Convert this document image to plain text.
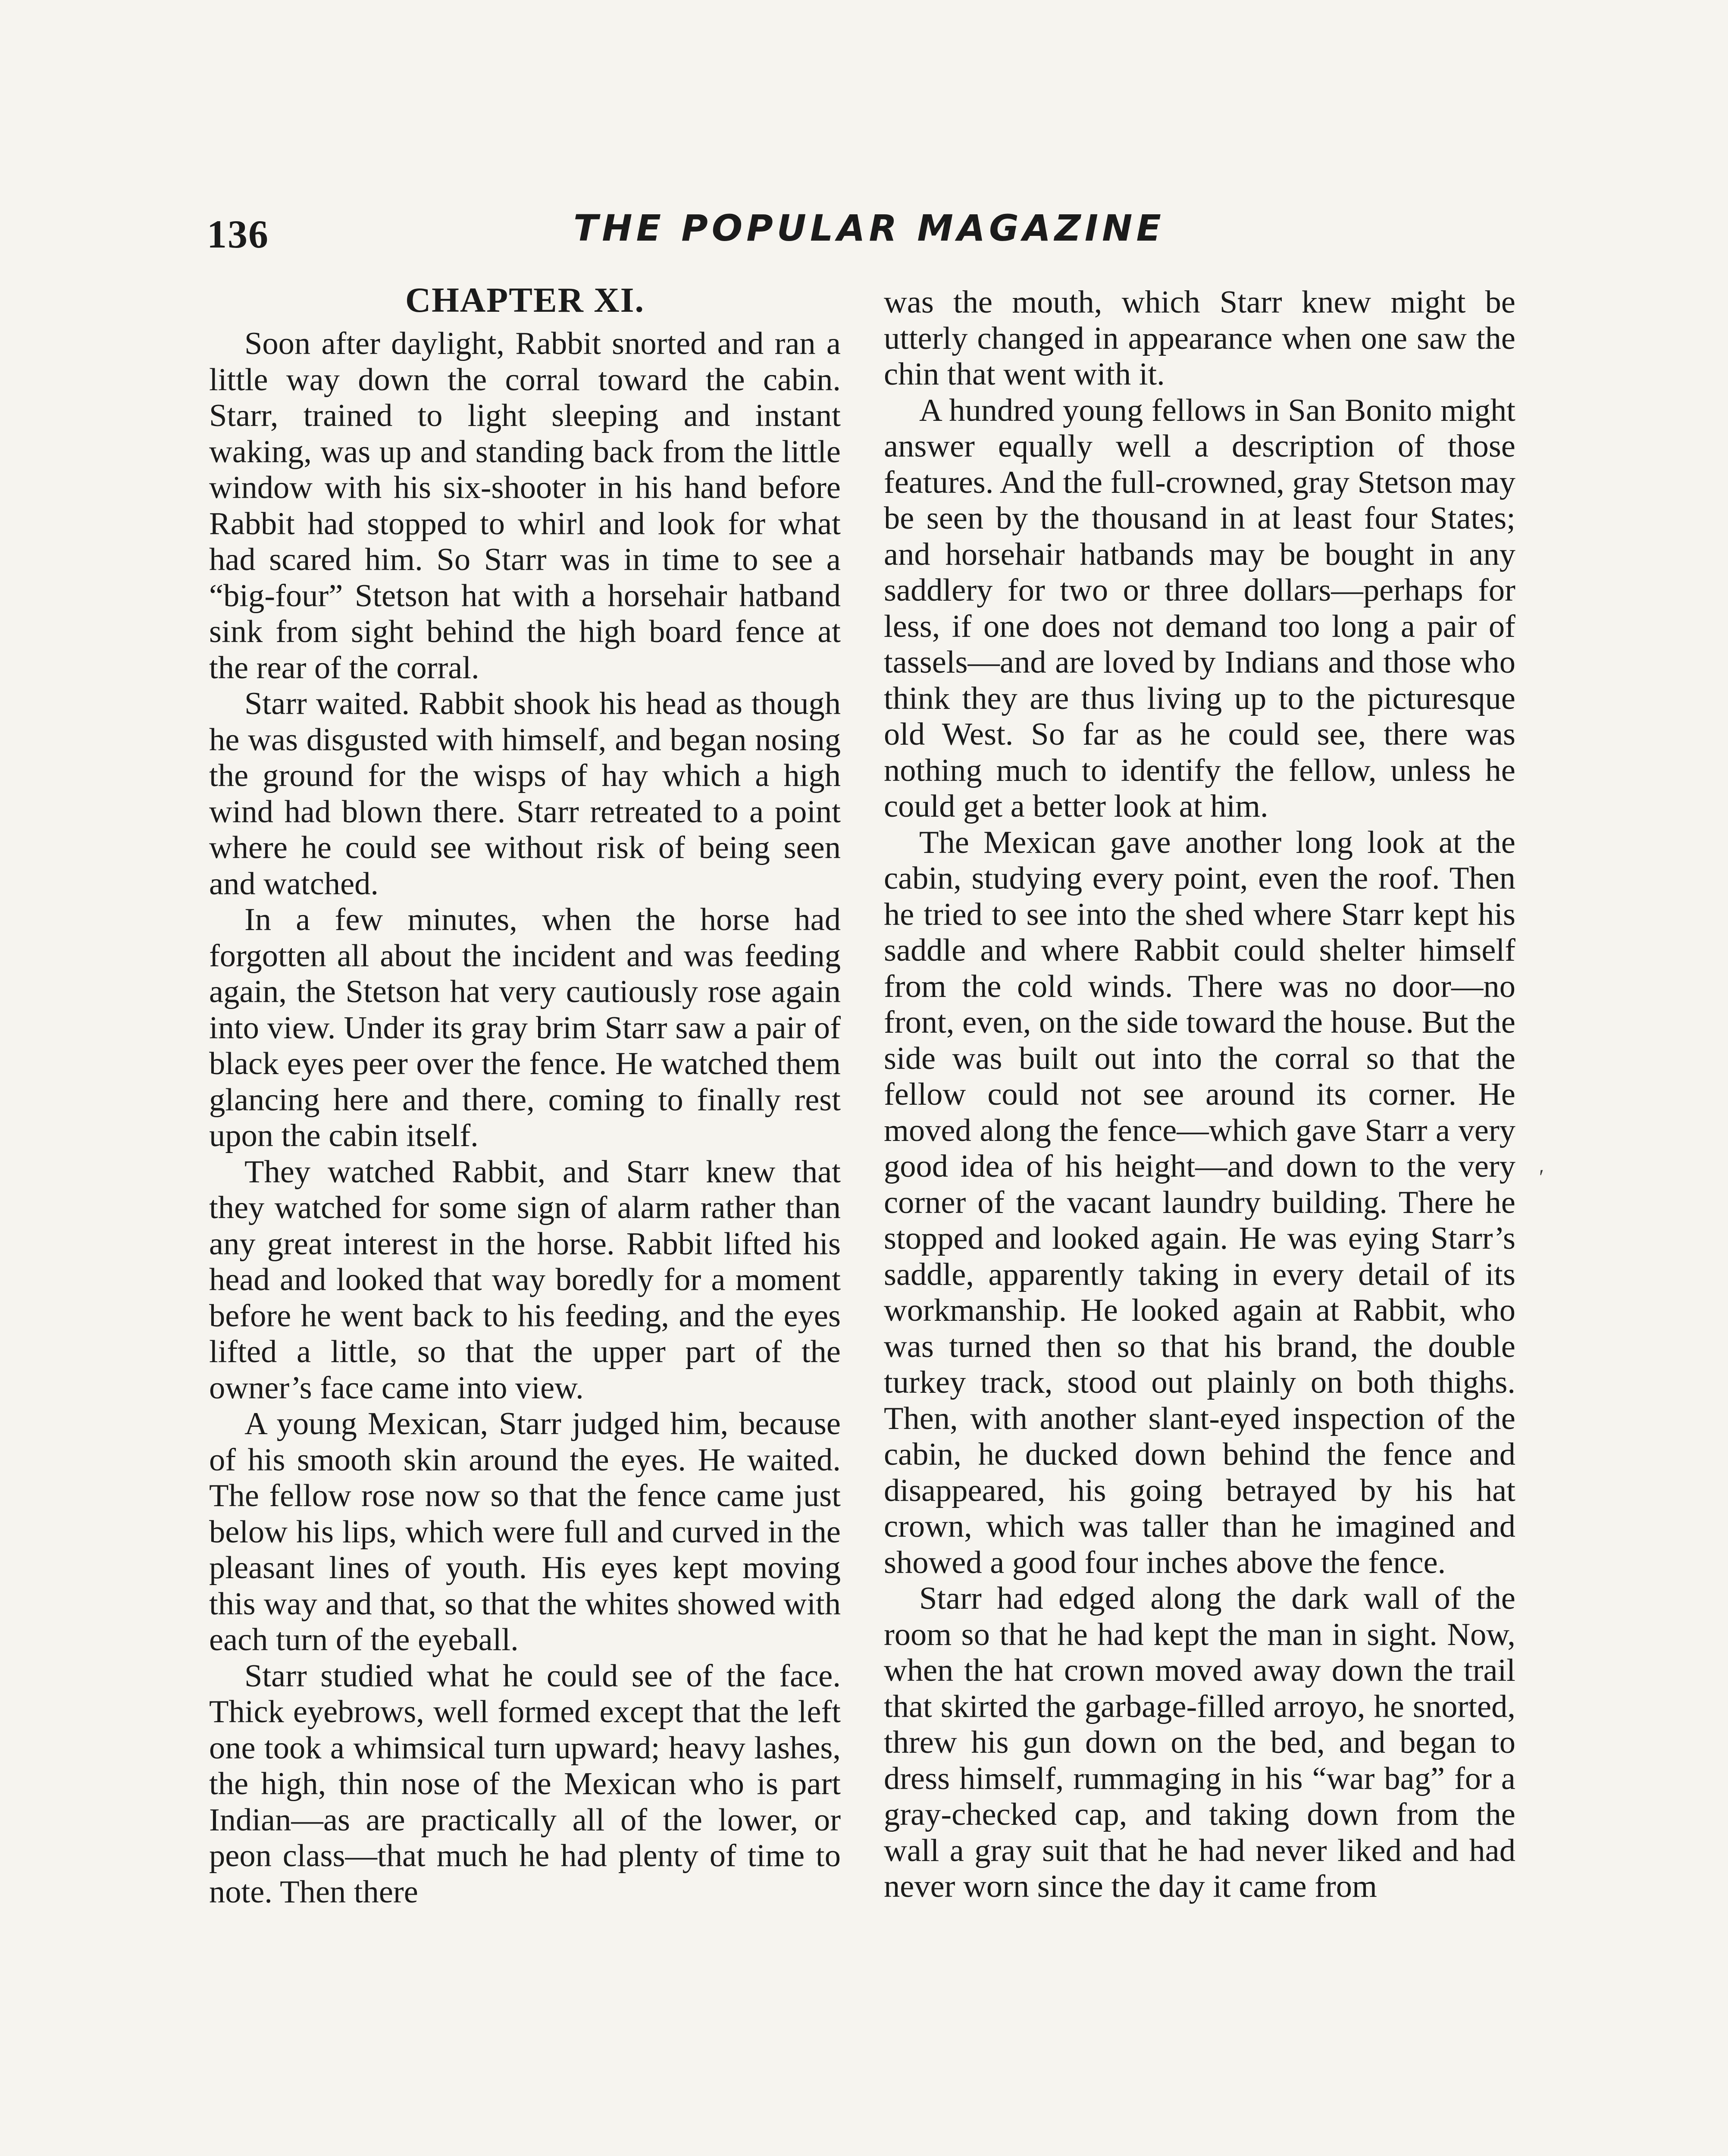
136	THE POPULAR MAGAZINE
CHAPTER XI.

Soon after daylight, Rabbit snorted and ran a little way down the corral toward the cabin. Starr, trained to light sleeping and instant waking, was up and standing back from the little window with his six-shooter in his hand before Rabbit had stopped to whirl and look for what had scared him. So Starr was in time to see a “big-four” Stetson hat with a horsehair hatband sink from sight behind the high board fence at the rear of the corral.

Starr waited. Rabbit shook his head as though he was disgusted with himself, and began nosing the ground for the wisps of hay which a high wind had blown there. Starr retreated to a point where he could see without risk of being seen and watched.

In a few minutes, when the horse had forgotten all about the incident and was feeding again, the Stetson hat very cautiously rose again into view. Under its gray brim Starr saw a pair of black eyes peer over the fence. He watched them glancing here and there, coming to finally rest upon the cabin itself.

They watched Rabbit, and Starr knew that they watched for some sign of alarm rather than any great interest in the horse. Rabbit lifted his head and looked that way boredly for a moment before he went back to his feeding, and the eyes lifted a little, so that the upper part of the owner’s face came into view.

A young Mexican, Starr judged him, because of his smooth skin around the eyes. He waited. The fellow rose now so that the fence came just below his lips, which were full and curved in the pleasant lines of youth. His eyes kept moving this way and that, so that the whites showed with each turn of the eyeball.

Starr studied what he could see of the face. Thick eyebrows, well formed except that the left one took a whimsical turn upward; heavy lashes, the high, thin nose of the Mexican who is part Indian—as are practically all of the lower, or peon class—that much he had plenty of time to note. Then there

was the mouth, which Starr knew might be utterly changed in appearance when one saw the chin that went with it.

A hundred young fellows in San Bonito might answer equally well a description of those features. And the full-crowned, gray Stetson may be seen by the thousand in at least four States; and horsehair hatbands may be bought in any saddlery for two or three dollars—perhaps for less, if one does not demand too long a pair of tassels—and are loved by Indians and those who think they are thus living up to the picturesque old West. So far as he could see, there was nothing much to identify the fellow, unless he could get a better look at him.

The Mexican gave another long look at the cabin, studying every point, even the roof. Then he tried to see into the shed where Starr kept his saddle and where Rabbit could shelter himself from the cold winds. There was no door—no front, even, on the side toward the house. But the side was built out into the corral so that the fellow could not see around its corner. He moved along the fence—which gave Starr a very good idea of his height—and down to the very corner of the vacant laundry building. There he stopped and looked again. He was eying Starr’s saddle, apparently taking in every detail of its workmanship. He looked again at Rabbit, who was turned then so that his brand, the double turkey track, stood out plainly on both thighs. Then, with another slant-eyed inspection of the cabin, he ducked down behind the fence and disappeared, his going betrayed by his hat crown, which was taller than he imagined and showed a good four inches above the fence.

Starr had edged along the dark wall of the room so that he had kept the man in sight. Now, when the hat crown moved away down the trail that skirted the garbage-filled arroyo, he snorted, threw his gun down on the bed, and began to dress himself, rummaging in his “war bag” for a gray-checked cap, and taking down from the wall a gray suit that he had never liked and had never worn since the day it came from

′
